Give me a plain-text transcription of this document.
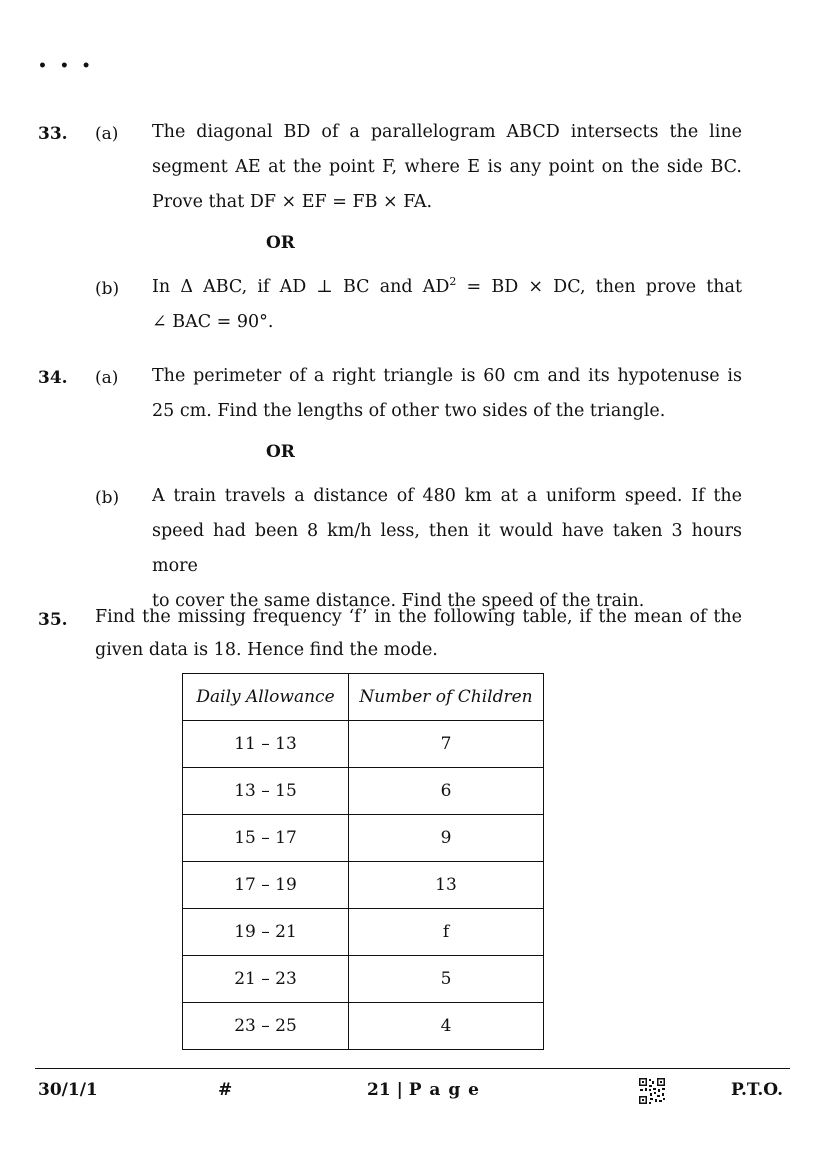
• • •
33. (a) The diagonal BD of a parallelogram ABCD intersects the line
segment AE at the point F, where E is any point on the side BC.
Prove that DF × EF = FB × FA.
OR
(b) In Δ ABC, if AD ⊥ BC and $AD^2$ = BD × DC, then prove that
∠ BAC = 90°.
34. (a) The perimeter of a right triangle is 60 cm and its hypotenuse is
25 cm. Find the lengths of other two sides of the triangle.
OR
(b) A train travels a distance of 480 km at a uniform speed. If the
speed had been 8 km/h less, then it would have taken 3 hours more
to cover the same distance. Find the speed of the train.
35. Find the missing frequency ‘f’ in the following table, if the mean of the
given data is 18. Hence find the mode.
Daily Allowance	Number of Children
11 – 13	7
13 – 15	6
15 – 17	9
17 – 19	13
19 – 21	f
21 – 23	5
23 – 25	4
30/1/1	#	21 | P a g e	P.T.O.
